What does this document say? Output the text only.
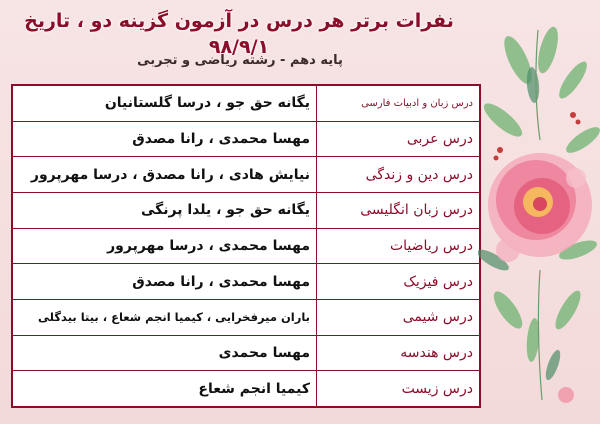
نفرات برتر هر درس در آزمون گزینه دو ، تاریخ ۹۸/۹/۱
پایه دهم - رشته ریاضی و تجربی
درس زبان و ادبیات فارسی	یگانه حق جو ، درسا گلستانیان
درس عربی	مهسا محمدی ، رانا مصدق
درس دین و زندگی	نیایش هادی ، رانا مصدق ، درسا مهرپرور
درس زبان انگلیسی	یگانه حق جو ، یلدا پرنگی
درس ریاضیات	مهسا محمدی ، درسا مهرپرور
درس فیزیک	مهسا محمدی ، رانا مصدق
درس شیمی	باران میرفخرایی ، کیمیا انجم شعاع ، بیتا بیدگلی
درس هندسه	مهسا محمدی
درس زیست	کیمیا انجم شعاع
